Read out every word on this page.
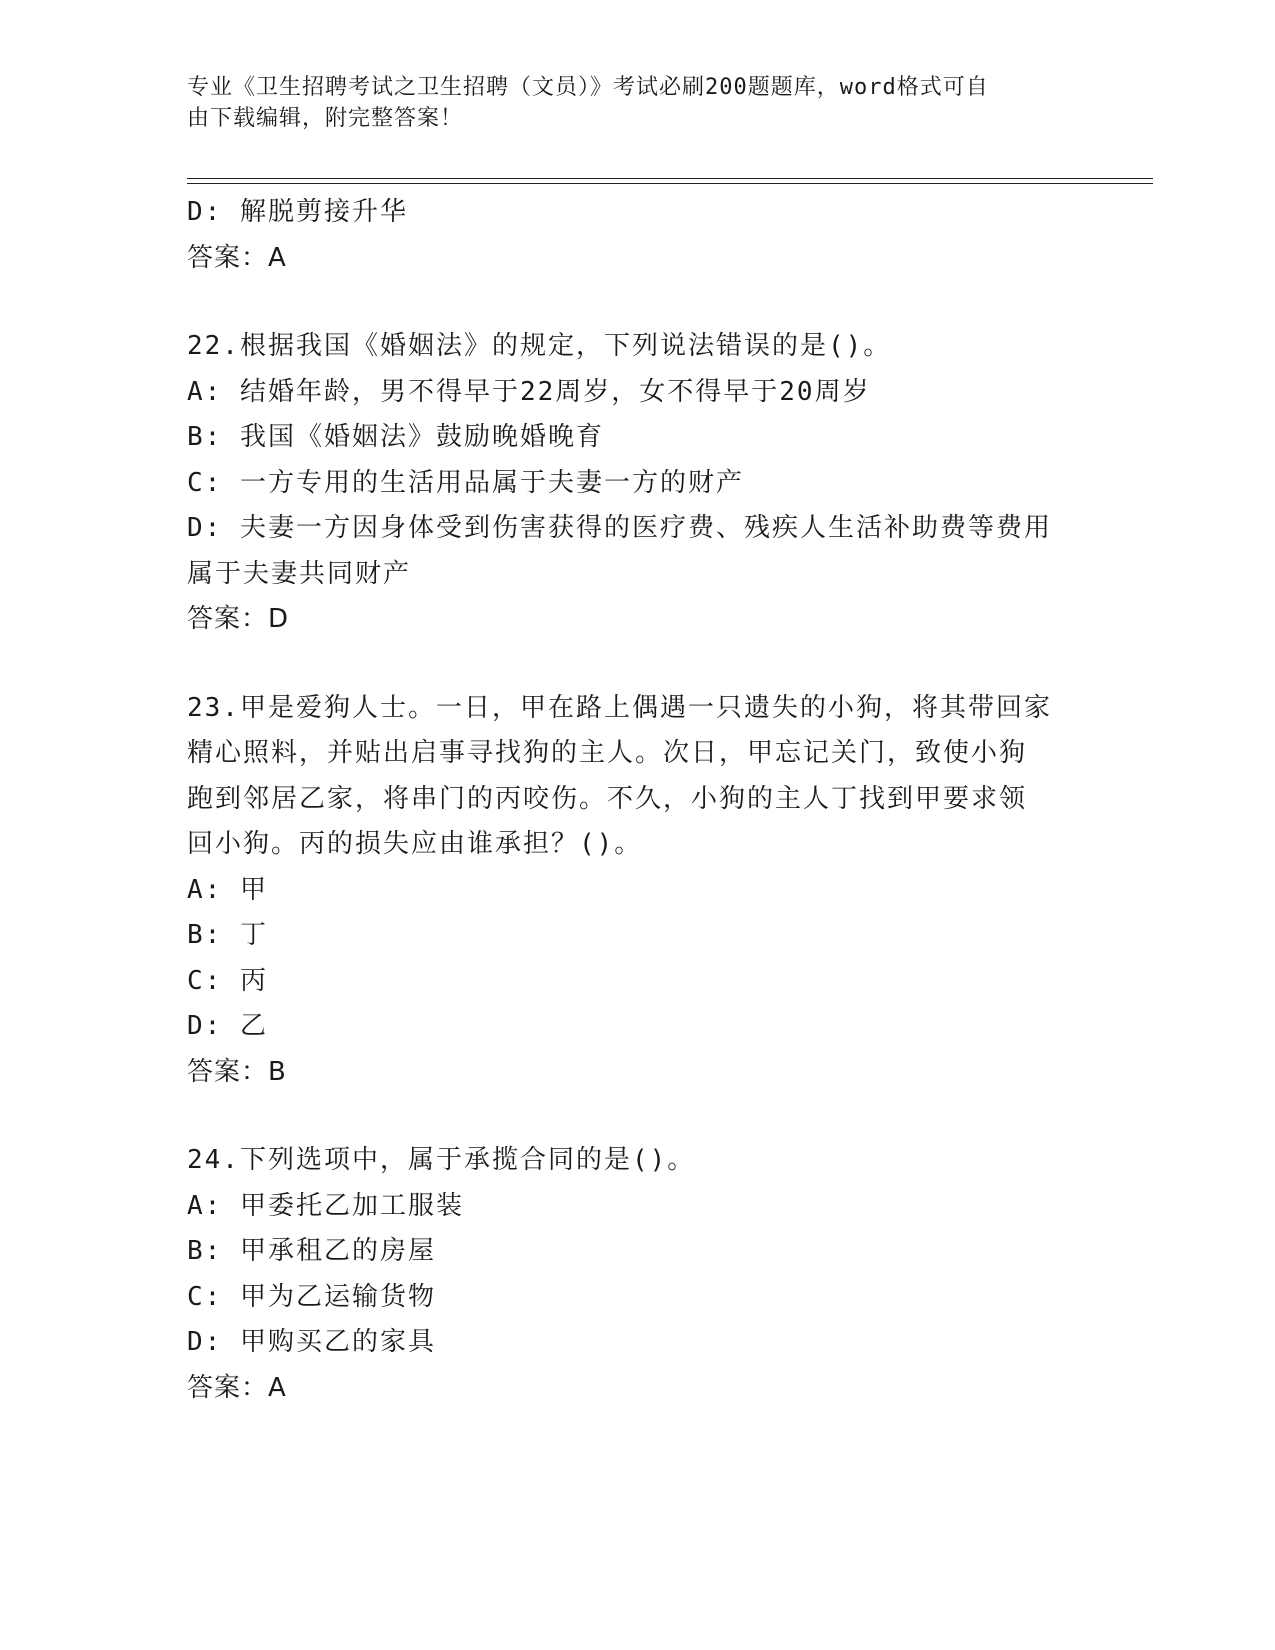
专业《卫生招聘考试之卫生招聘（文员）》考试必刷200题题库，word格式可自
由下载编辑，附完整答案！
D: 解脱剪接升华
答案：A
22.根据我国《婚姻法》的规定，下列说法错误的是()。
A: 结婚年龄，男不得早于22周岁，女不得早于20周岁
B: 我国《婚姻法》鼓励晚婚晚育
C: 一方专用的生活用品属于夫妻一方的财产
D: 夫妻一方因身体受到伤害获得的医疗费、残疾人生活补助费等费用
属于夫妻共同财产
答案：D
23.甲是爱狗人士。一日，甲在路上偶遇一只遗失的小狗，将其带回家
精心照料，并贴出启事寻找狗的主人。次日，甲忘记关门，致使小狗
跑到邻居乙家，将串门的丙咬伤。不久，小狗的主人丁找到甲要求领
回小狗。丙的损失应由谁承担？()。
A: 甲
B: 丁
C: 丙
D: 乙
答案：B
24.下列选项中，属于承揽合同的是()。
A: 甲委托乙加工服装
B: 甲承租乙的房屋
C: 甲为乙运输货物
D: 甲购买乙的家具
答案：A
